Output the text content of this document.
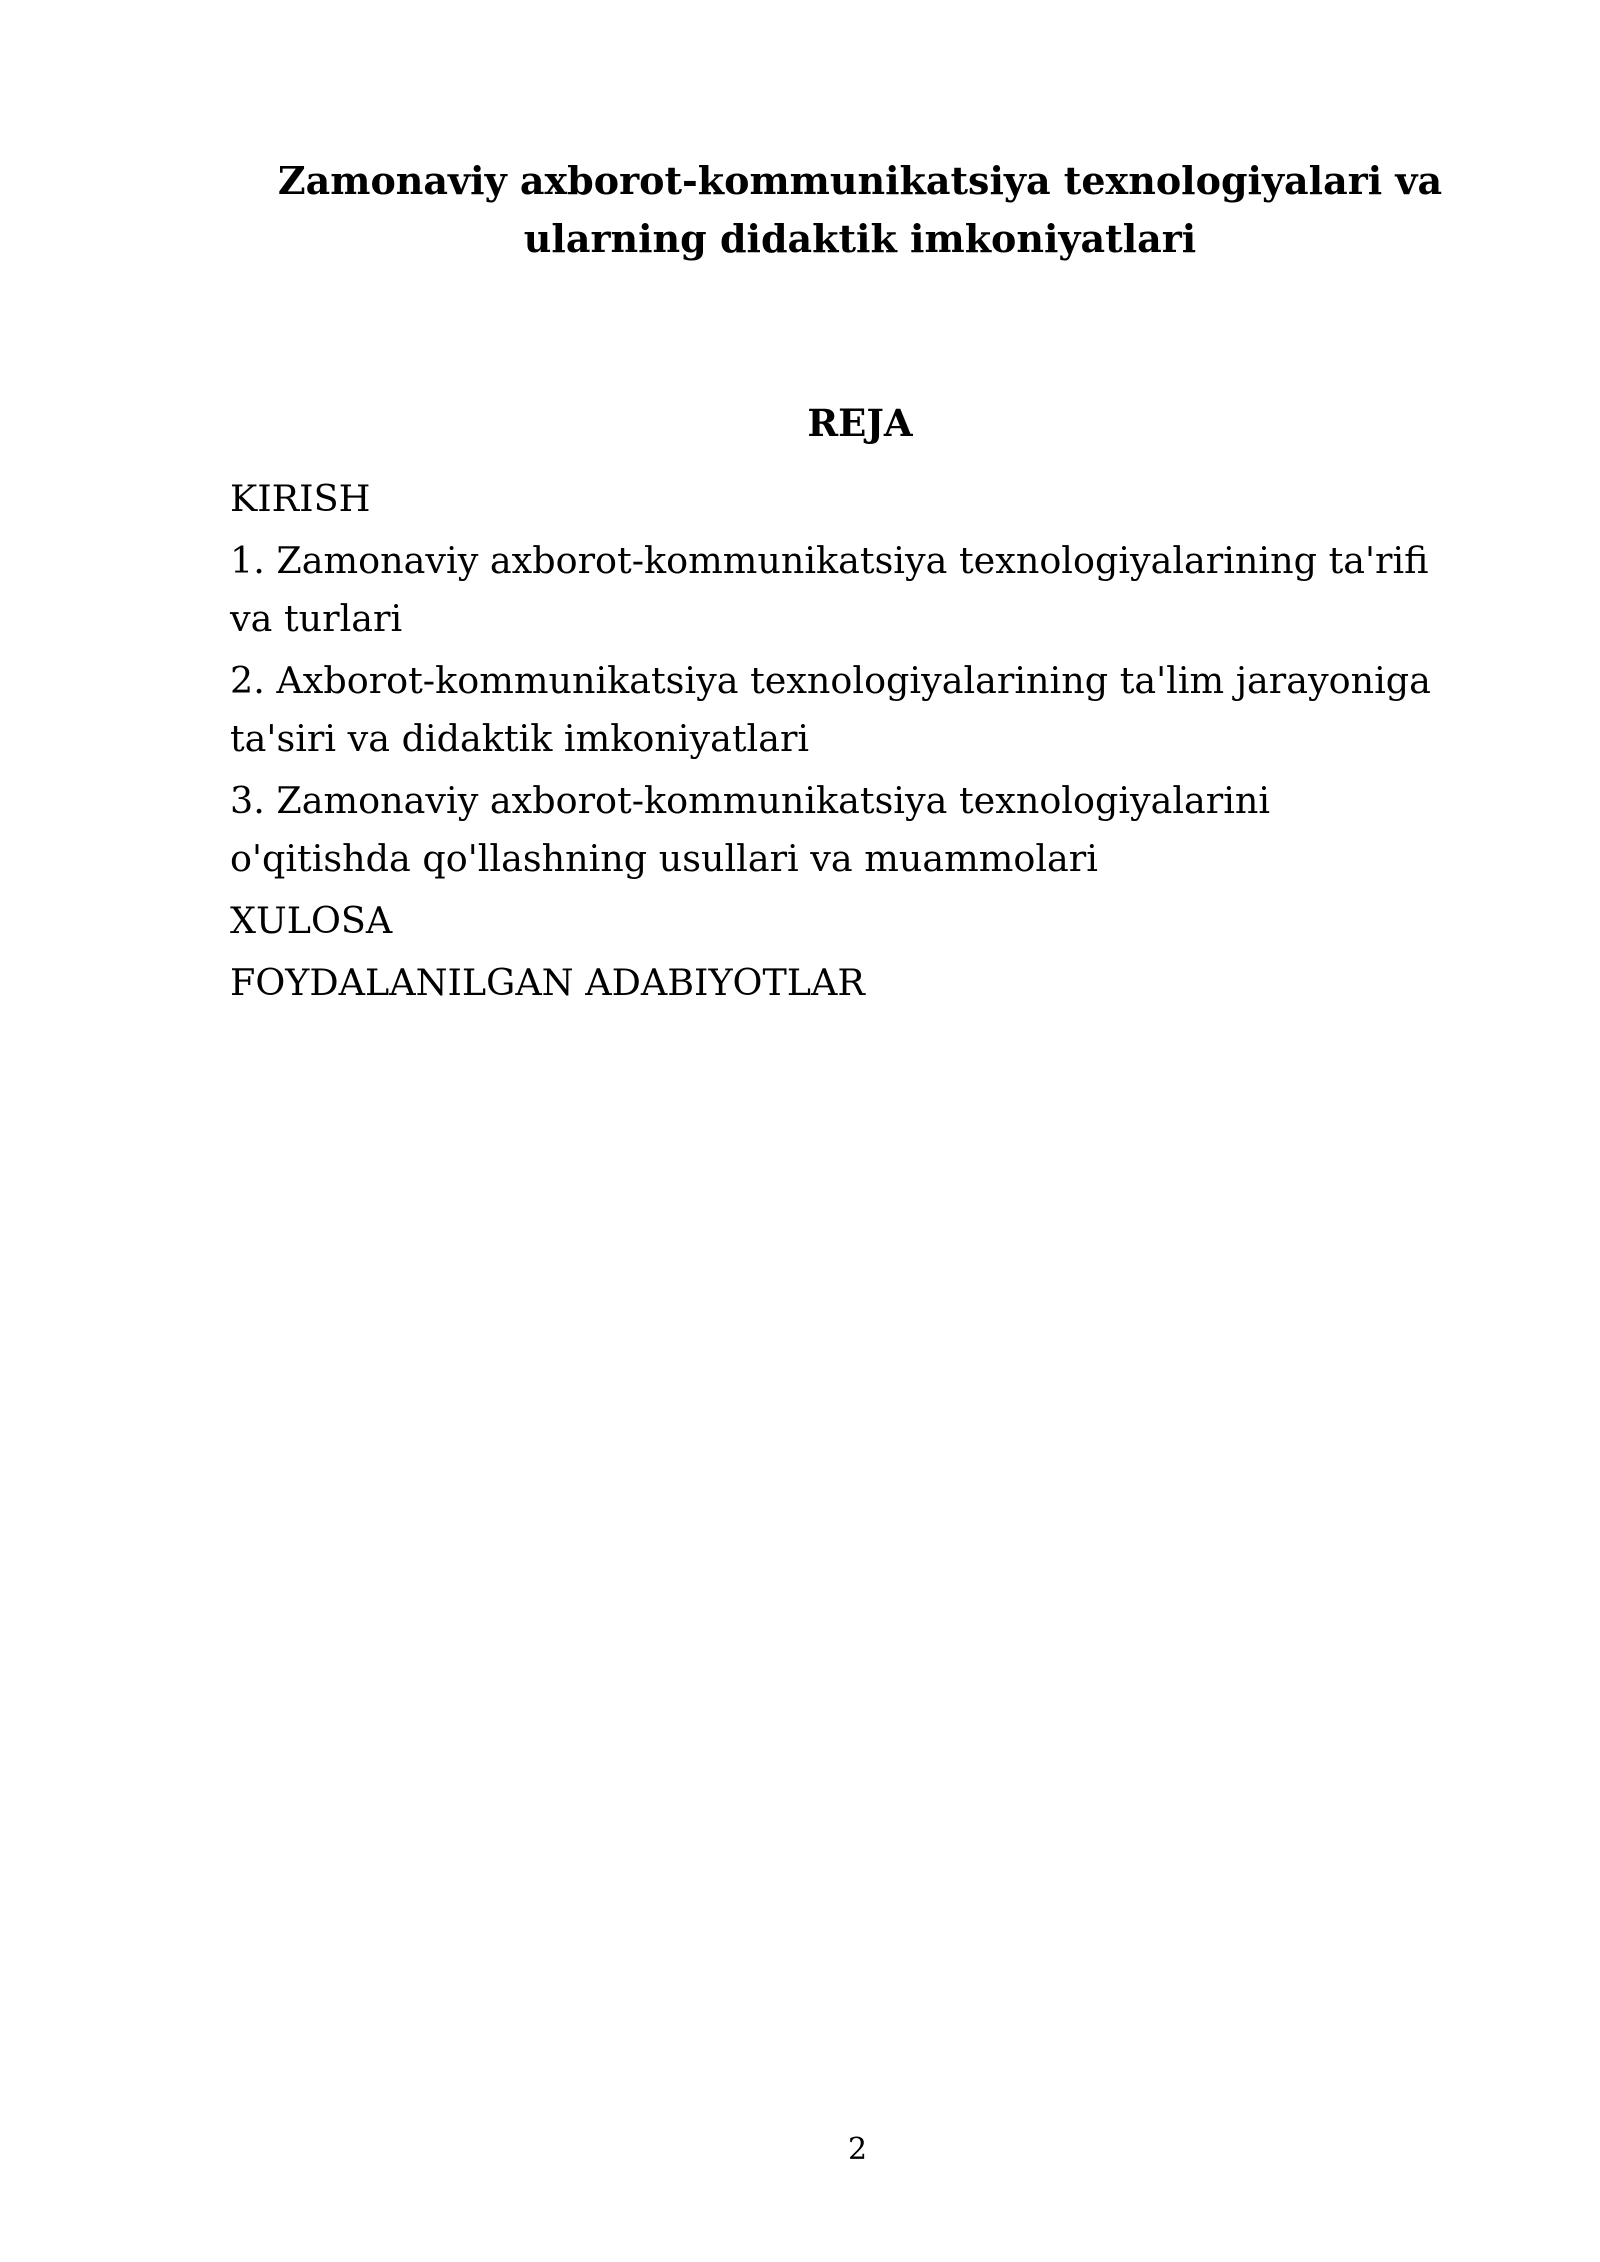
Zamonaviy axborot-kommunikatsiya texnologiyalari va
ularning didaktik imkoniyatlari
REJA
KIRISH
1. Zamonaviy axborot-kommunikatsiya texnologiyalarining ta'rifi
va turlari
2. Axborot-kommunikatsiya texnologiyalarining ta'lim jarayoniga
ta'siri va didaktik imkoniyatlari
3. Zamonaviy axborot-kommunikatsiya texnologiyalarini
o'qitishda qo'llashning usullari va muammolari
XULOSA
FOYDALANILGAN ADABIYOTLAR
2
